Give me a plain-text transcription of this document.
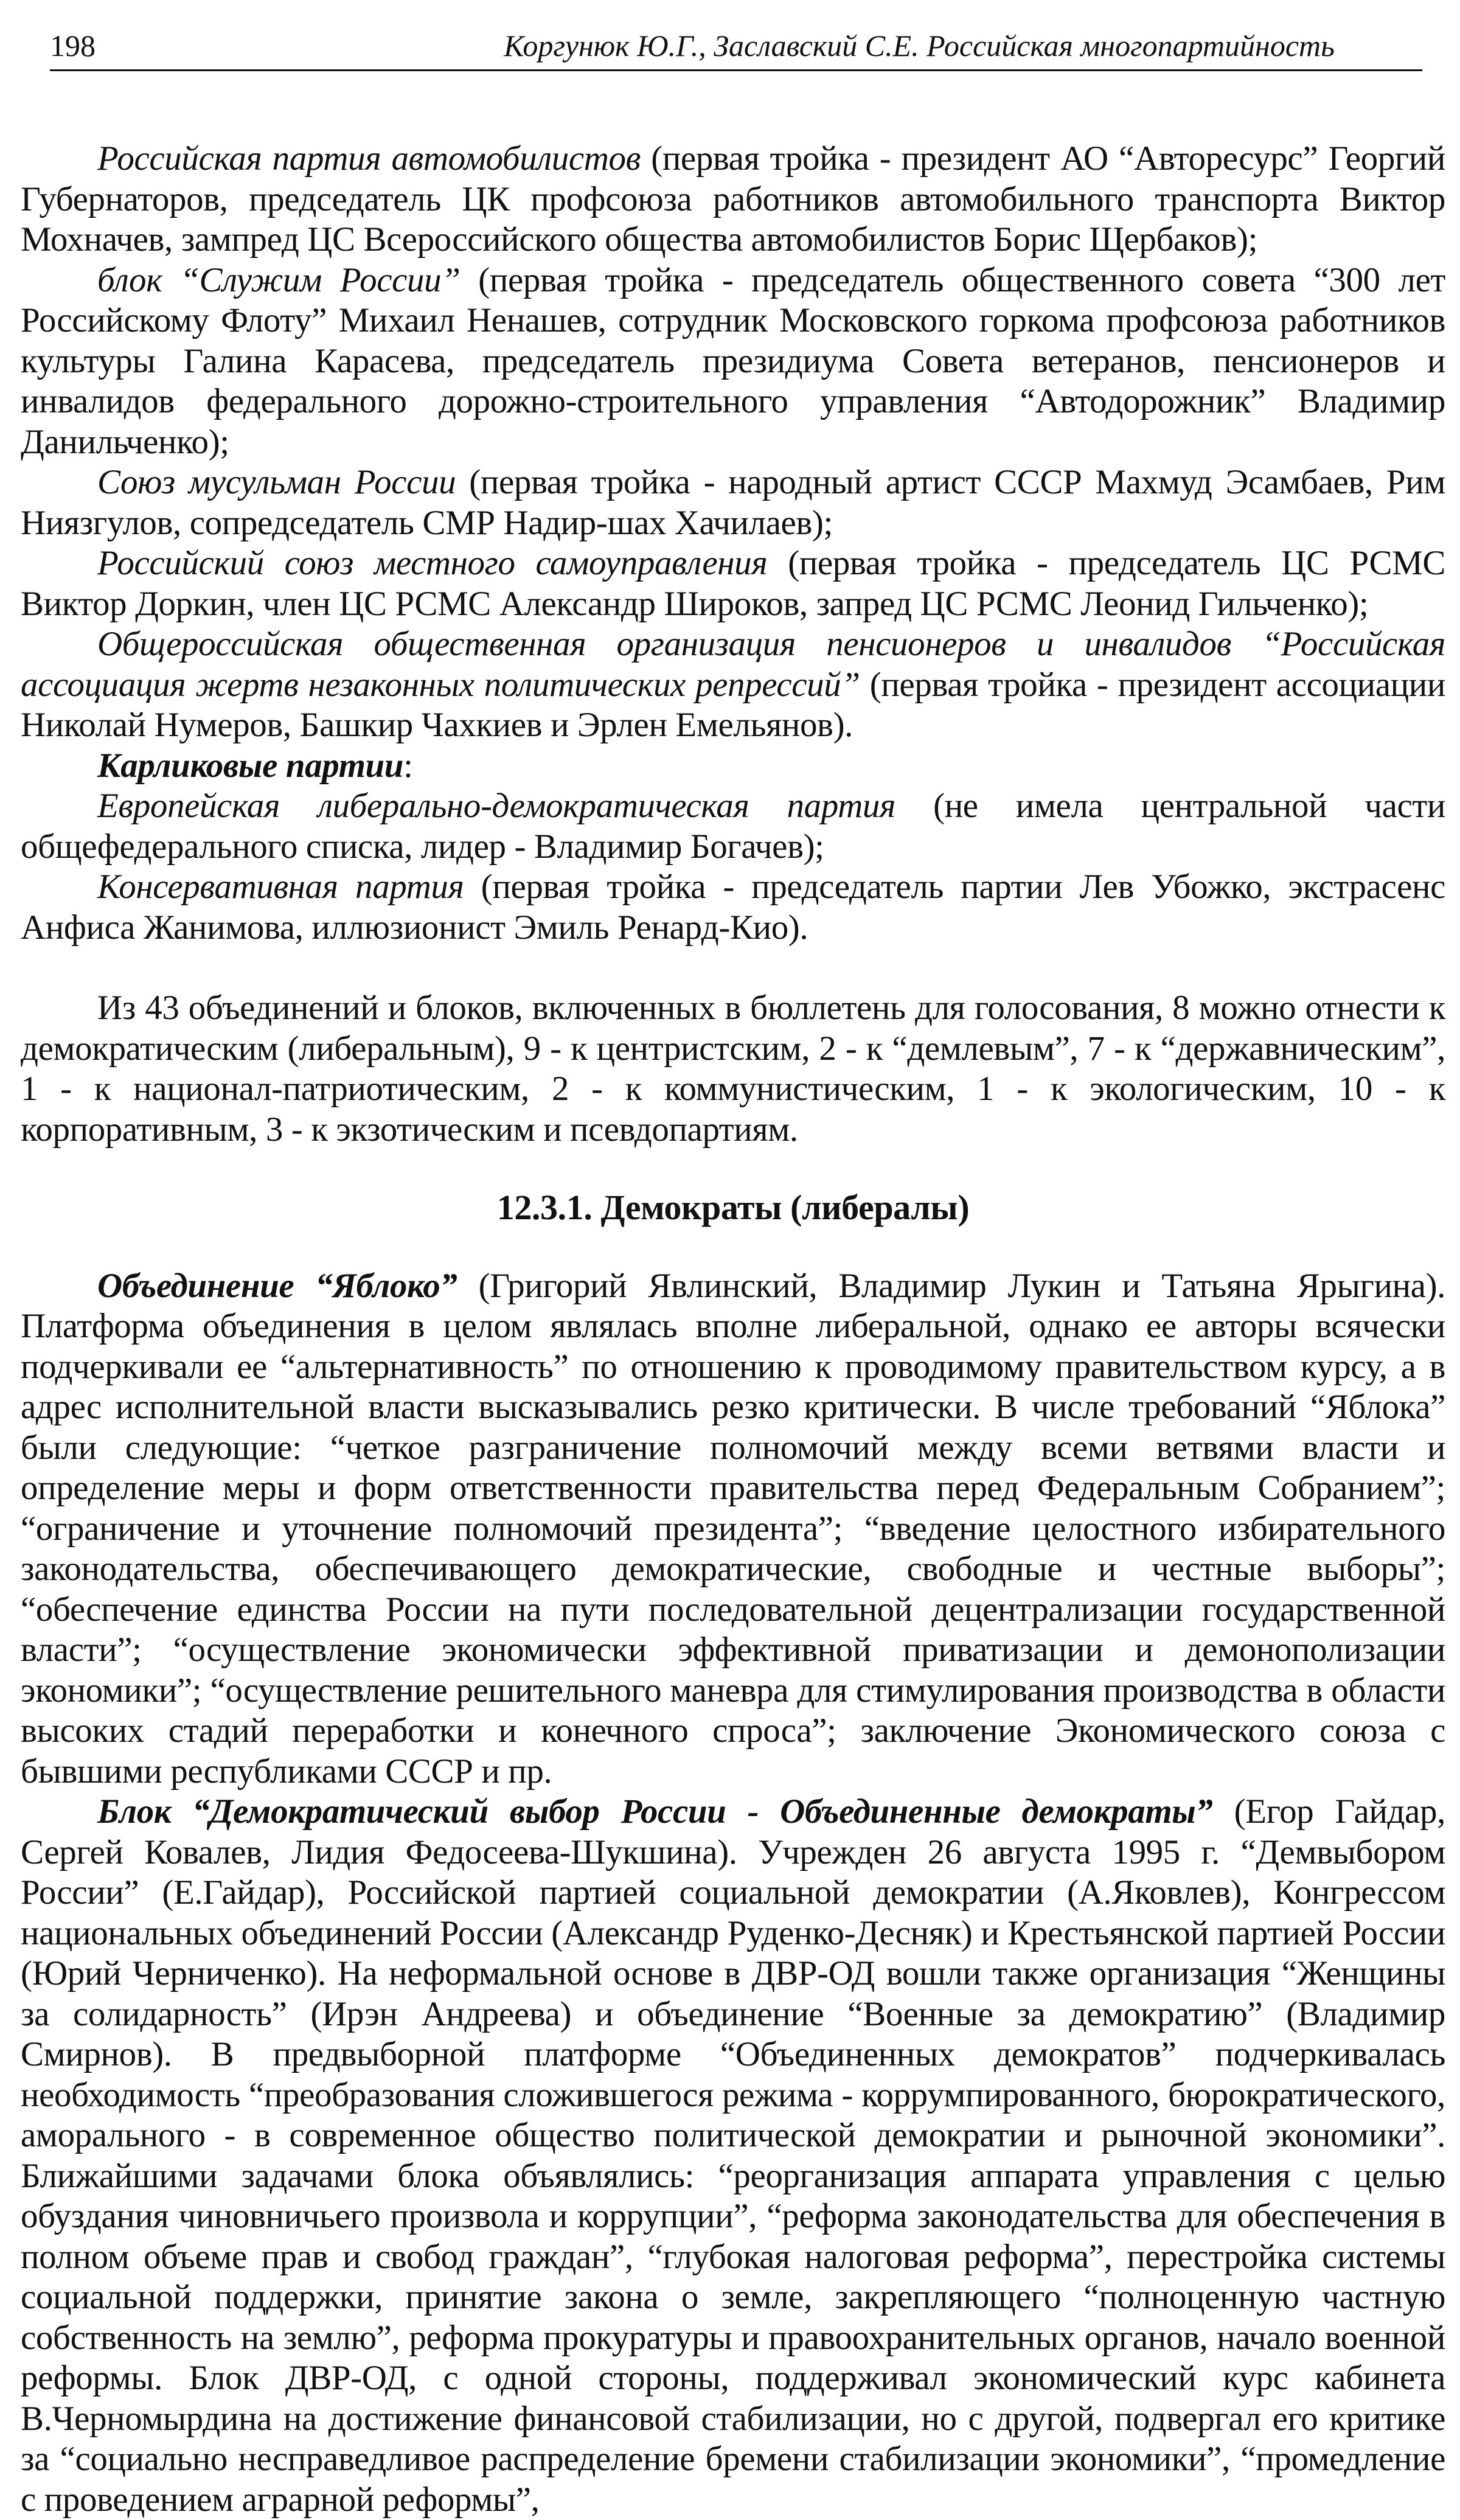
198	Коргунюк Ю.Г., Заславский С.Е. Российская многопартийность

Российская партия автомобилистов (первая тройка - президент АО “Авторесурс” Георгий Губернаторов, председатель ЦК профсоюза работников автомобильного транспорта Виктор Мохначев, зампред ЦС Всероссийского общества автомобилистов Борис Щербаков);

блок “Служим России” (первая тройка - председатель общественного совета “300 лет Российскому Флоту” Михаил Ненашев, сотрудник Московского горкома профсоюза работников культуры Галина Карасева, председатель президиума Совета ветеранов, пенсионеров и инвалидов федерального дорожно-строительного управления “Автодорожник” Владимир Данильченко);

Союз мусульман России (первая тройка - народный артист СССР Махмуд Эсамбаев, Рим Ниязгулов, сопредседатель СМР Надир-шах Хачилаев);

Российский союз местного самоуправления (первая тройка - председатель ЦС РСМС Виктор Доркин, член ЦС РСМС Александр Широков, запред ЦС РСМС Леонид Гильченко);

Общероссийская общественная организация пенсионеров и инвалидов “Российская ассоциация жертв незаконных политических репрессий” (первая тройка - президент ассоциации Николай Нумеров, Башкир Чахкиев и Эрлен Емельянов).

Карликовые партии:

Европейская либерально-демократическая партия (не имела центральной части общефедерального списка, лидер - Владимир Богачев);

Консервативная партия (первая тройка - председатель партии Лев Убожко, экстрасенс Анфиса Жанимова, иллюзионист Эмиль Ренард-Кио).

Из 43 объединений и блоков, включенных в бюллетень для голосования, 8 можно отнести к демократическим (либеральным), 9 - к центристским, 2 - к “демлевым”, 7 - к “державническим”, 1 - к национал-патриотическим, 2 - к коммунистическим, 1 - к экологическим, 10 - к корпоративным, 3 - к экзотическим и псевдопартиям.

12.3.1. Демократы (либералы)

Объединение “Яблоко” (Григорий Явлинский, Владимир Лукин и Татьяна Ярыгина). Платформа объединения в целом являлась вполне либеральной, однако ее авторы всячески подчеркивали ее “альтернативность” по отношению к проводимому правительством курсу, а в адрес исполнительной власти высказывались резко критически. В числе требований “Яблока” были следующие: “четкое разграничение полномочий между всеми ветвями власти и определение меры и форм ответственности правительства перед Федеральным Собранием”; “ограничение и уточнение полномочий президента”; “введение целостного избирательного законодательства, обеспечивающего демократические, свободные и честные выборы”; “обеспечение единства России на пути последовательной децентрализации государственной власти”; “осуществление экономически эффективной приватизации и демонополизации экономики”; “осуществление решительного маневра для стимулирования производства в области высоких стадий переработки и конечного спроса”; заключение Экономического союза с бывшими республиками СССР и пр.

Блок “Демократический выбор России - Объединенные демократы” (Егор Гайдар, Сергей Ковалев, Лидия Федосеева-Шукшина). Учрежден 26 августа 1995 г. “Демвыбором России” (Е.Гайдар), Российской партией социальной демократии (А.Яковлев), Конгрессом национальных объединений России (Александр Руденко-Десняк) и Крестьянской партией России (Юрий Черниченко). На неформальной основе в ДВР-ОД вошли также организация “Женщины за солидарность” (Ирэн Андреева) и объединение “Военные за демократию” (Владимир Смирнов). В предвыборной платформе “Объединенных демократов” подчеркивалась необходимость “преобразования сложившегося режима - коррумпированного, бюрократического, аморального - в современное общество политической демократии и рыночной экономики”. Ближайшими задачами блока объявлялись: “реорганизация аппарата управления с целью обуздания чиновничьего произвола и коррупции”, “реформа законодательства для обеспечения в полном объеме прав и свобод граждан”, “глубокая налоговая реформа”, перестройка системы социальной поддержки, принятие закона о земле, закрепляющего “полноценную частную собственность на землю”, реформа прокуратуры и правоохранительных органов, начало военной реформы. Блок ДВР-ОД, с одной стороны, поддерживал экономический курс кабинета В.Черномырдина на достижение финансовой стабилизации, но с другой, подвергал его критике за “социально несправедливое распределение бремени стабилизации экономики”, “промедление с проведением аграрной реформы”,
